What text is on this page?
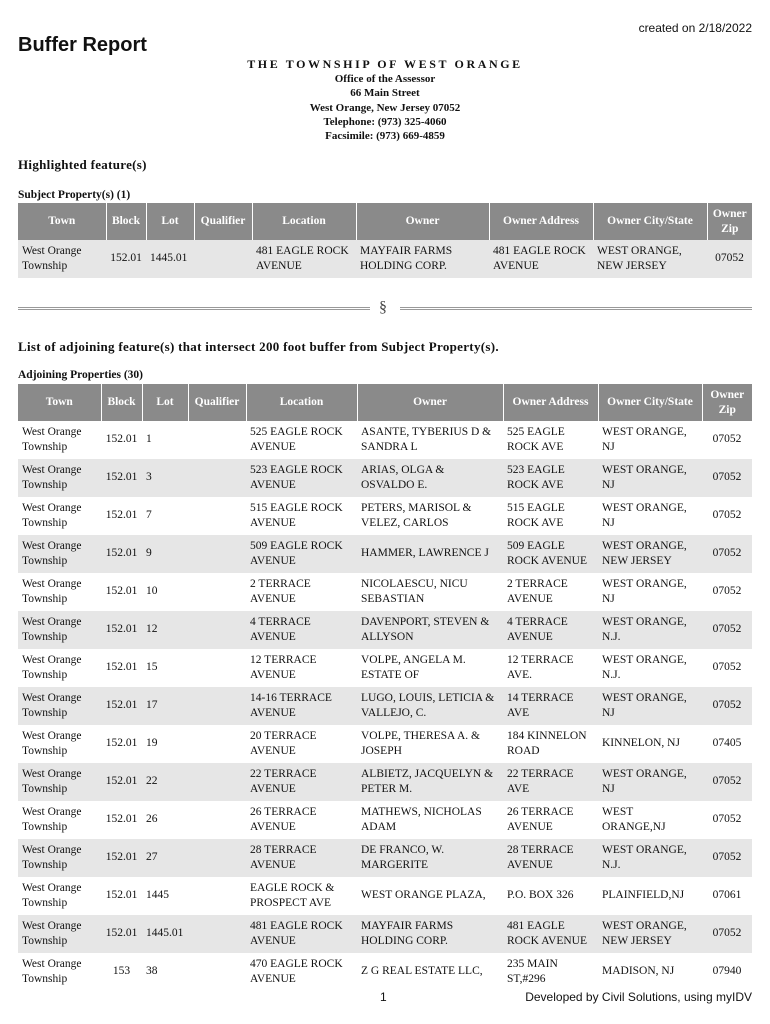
created on 2/18/2022
Buffer Report
THE TOWNSHIP OF WEST ORANGE
Office of the Assessor
66 Main Street
West Orange, New Jersey 07052
Telephone: (973) 325-4060
Facsimile: (973) 669-4859
Highlighted feature(s)
Subject Property(s) (1)
Town	Block	Lot	Qualifier	Location	Owner	Owner Address	Owner City/State	Owner Zip
West Orange Township	152.01	1445.01		481 EAGLE ROCK AVENUE	MAYFAIR FARMS HOLDING CORP.	481 EAGLE ROCK AVENUE	WEST ORANGE, NEW JERSEY	07052
§
List of adjoining feature(s) that intersect 200 foot buffer from Subject Property(s).
Adjoining Properties (30)
Town	Block	Lot	Qualifier	Location	Owner	Owner Address	Owner City/State	Owner Zip
West Orange Township	152.01	1		525 EAGLE ROCK AVENUE	ASANTE, TYBERIUS D & SANDRA L	525 EAGLE ROCK AVE	WEST ORANGE, NJ	07052
West Orange Township	152.01	3		523 EAGLE ROCK AVENUE	ARIAS, OLGA & OSVALDO E.	523 EAGLE ROCK AVE	WEST ORANGE, NJ	07052
West Orange Township	152.01	7		515 EAGLE ROCK AVENUE	PETERS, MARISOL & VELEZ, CARLOS	515 EAGLE ROCK AVE	WEST ORANGE, NJ	07052
West Orange Township	152.01	9		509 EAGLE ROCK AVENUE	HAMMER, LAWRENCE J	509 EAGLE ROCK AVENUE	WEST ORANGE, NEW JERSEY	07052
West Orange Township	152.01	10		2 TERRACE AVENUE	NICOLAESCU, NICU SEBASTIAN	2 TERRACE AVENUE	WEST ORANGE, NJ	07052
West Orange Township	152.01	12		4 TERRACE AVENUE	DAVENPORT, STEVEN & ALLYSON	4 TERRACE AVENUE	WEST ORANGE, N.J.	07052
West Orange Township	152.01	15		12 TERRACE AVENUE	VOLPE, ANGELA M. ESTATE OF	12 TERRACE AVE.	WEST ORANGE, N.J.	07052
West Orange Township	152.01	17		14-16 TERRACE AVENUE	LUGO, LOUIS, LETICIA & VALLEJO, C.	14 TERRACE AVE	WEST ORANGE, NJ	07052
West Orange Township	152.01	19		20 TERRACE AVENUE	VOLPE, THERESA A. & JOSEPH	184 KINNELON ROAD	KINNELON, NJ	07405
West Orange Township	152.01	22		22 TERRACE AVENUE	ALBIETZ, JACQUELYN & PETER M.	22 TERRACE AVE	WEST ORANGE, NJ	07052
West Orange Township	152.01	26		26 TERRACE AVENUE	MATHEWS, NICHOLAS ADAM	26 TERRACE AVENUE	WEST ORANGE,NJ	07052
West Orange Township	152.01	27		28 TERRACE AVENUE	DE FRANCO, W. MARGERITE	28 TERRACE AVENUE	WEST ORANGE, N.J.	07052
West Orange Township	152.01	1445		EAGLE ROCK & PROSPECT AVE	WEST ORANGE PLAZA,	P.O. BOX 326	PLAINFIELD,NJ	07061
West Orange Township	152.01	1445.01		481 EAGLE ROCK AVENUE	MAYFAIR FARMS HOLDING CORP.	481 EAGLE ROCK AVENUE	WEST ORANGE, NEW JERSEY	07052
West Orange Township	153	38		470 EAGLE ROCK AVENUE	Z G REAL ESTATE LLC,	235 MAIN ST,#296	MADISON, NJ	07940
1	Developed by Civil Solutions, using myIDV
